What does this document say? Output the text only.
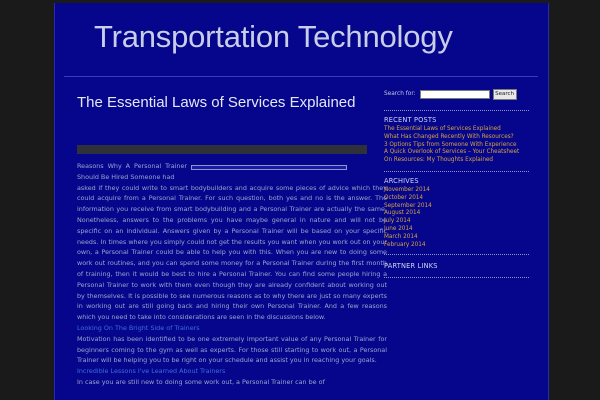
Transportation Technology
The Essential Laws of Services Explained
Reasons Why A Personal Trainer Should Be Hired Someone had

asked if they could write to smart bodybuilders and acquire some pieces of advice which they could acquire from a Personal Trainer. For such question, both yes and no is the answer. The information you receive from smart bodybuilding and a Personal Trainer are actually the same. Nonetheless, answers to the problems you have maybe general in nature and will not be specific on an individual. Answers given by a Personal Trainer will be based on your specific needs. In times where you simply could not get the results you want when you work out on your own, a Personal Trainer could be able to help you with this. When you are new to doing some work out routines, and you can spend some money for a Personal Trainer during the first month of training, then it would be best to hire a Personal Trainer. You can find some people hiring a Personal Trainer to work with them even though they are already confident about working out by themselves. It is possible to see numerous reasons as to why there are just so many experts in working out are still going back and hiring their own Personal Trainer. And a few reasons which you need to take into considerations are seen in the discussions below.

Looking On The Bright Side of Trainers

Motivation has been identified to be one extremely important value of any Personal Trainer for beginners coming to the gym as well as experts. For those still starting to work out, a Personal Trainer will be helping you to be right on your schedule and assist you in reaching your goals.

Incredible Lessons I've Learned About Trainers

In case you are still new to doing some work out, a Personal Trainer can be of

Search for:	Search
RECENT POSTS
The Essential Laws of Services Explained
What Has Changed Recently With Resources?
3 Options Tips from Someone With Experience
A Quick Overlook of Services – Your Cheatsheet
On Resources: My Thoughts Explained
ARCHIVES
November 2014
October 2014
September 2014
August 2014
July 2014
June 2014
March 2014
February 2014
PARTNER LINKS
